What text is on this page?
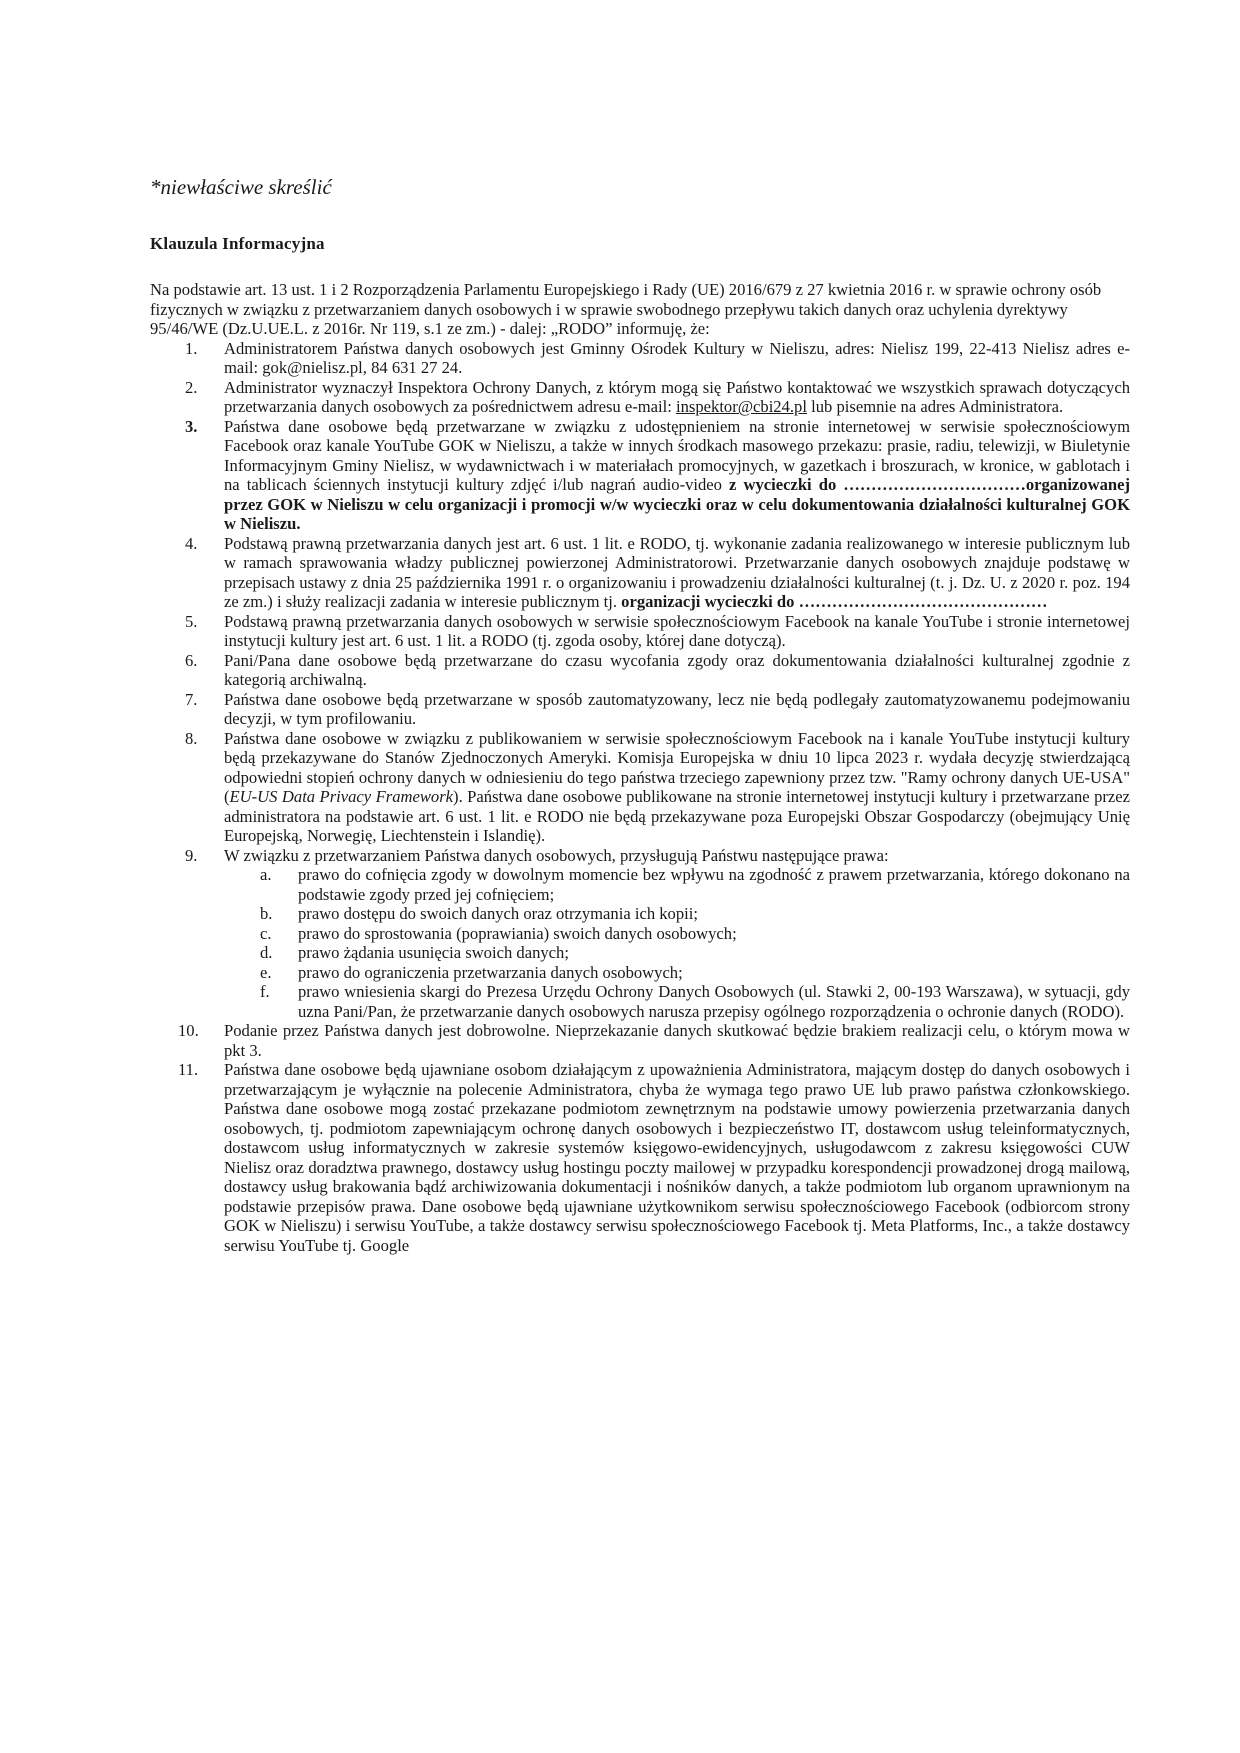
*niewłaściwe skreślić

Klauzula Informacyjna

Na podstawie art. 13 ust. 1 i 2 Rozporządzenia Parlamentu Europejskiego i Rady (UE) 2016/679 z 27 kwietnia 2016 r. w sprawie ochrony osób fizycznych w związku z przetwarzaniem danych osobowych i w sprawie swobodnego przepływu takich danych oraz uchylenia dyrektywy 95/46/WE (Dz.U.UE.L. z 2016r. Nr 119, s.1 ze zm.) - dalej: „RODO” informuję, że:

1.	Administratorem Państwa danych osobowych jest Gminny Ośrodek Kultury w Nieliszu, adres: Nielisz 199, 22-413 Nielisz adres e-mail: gok@nielisz.pl, 84 631 27 24.
2.	Administrator wyznaczył Inspektora Ochrony Danych, z którym mogą się Państwo kontaktować we wszystkich sprawach dotyczących przetwarzania danych osobowych za pośrednictwem adresu e-mail: inspektor@cbi24.pl lub pisemnie na adres Administratora.
3.	Państwa dane osobowe będą przetwarzane w związku z udostępnieniem na stronie internetowej w serwisie społecznościowym Facebook oraz kanale YouTube GOK w Nieliszu, a także w innych środkach masowego przekazu: prasie, radiu, telewizji, w Biuletynie Informacyjnym Gminy Nielisz, w wydawnictwach i w materiałach promocyjnych, w gazetkach i broszurach, w kronice, w gablotach i na tablicach ściennych instytucji kultury zdjęć i/lub nagrań audio-video z wycieczki do ……………………………organizowanej przez GOK w Nieliszu w celu organizacji i promocji w/w wycieczki oraz w celu dokumentowania działalności kulturalnej GOK w Nieliszu.
4.	Podstawą prawną przetwarzania danych jest art. 6 ust. 1 lit. e RODO, tj. wykonanie zadania realizowanego w interesie publicznym lub w ramach sprawowania władzy publicznej powierzonej Administratorowi. Przetwarzanie danych osobowych znajduje podstawę w przepisach ustawy z dnia 25 października 1991 r. o organizowaniu i prowadzeniu działalności kulturalnej (t. j. Dz. U. z 2020 r. poz. 194 ze zm.) i służy realizacji zadania w interesie publicznym tj. organizacji wycieczki do ………………………………………
5.	Podstawą prawną przetwarzania danych osobowych w serwisie społecznościowym Facebook na kanale YouTube i stronie internetowej instytucji kultury jest art. 6 ust. 1 lit. a RODO (tj. zgoda osoby, której dane dotyczą).
6.	Pani/Pana dane osobowe będą przetwarzane do czasu wycofania zgody oraz dokumentowania działalności kulturalnej zgodnie z kategorią archiwalną.
7.	Państwa dane osobowe będą przetwarzane w sposób zautomatyzowany, lecz nie będą podlegały zautomatyzowanemu podejmowaniu decyzji, w tym profilowaniu.
8.	Państwa dane osobowe w związku z publikowaniem w serwisie społecznościowym Facebook na i kanale YouTube instytucji kultury będą przekazywane do Stanów Zjednoczonych Ameryki. Komisja Europejska w dniu 10 lipca 2023 r. wydała decyzję stwierdzającą odpowiedni stopień ochrony danych w odniesieniu do tego państwa trzeciego zapewniony przez tzw. "Ramy ochrony danych UE-USA" (EU-US Data Privacy Framework). Państwa dane osobowe publikowane na stronie internetowej instytucji kultury i przetwarzane przez administratora na podstawie art. 6 ust. 1 lit. e RODO nie będą przekazywane poza Europejski Obszar Gospodarczy (obejmujący Unię Europejską, Norwegię, Liechtenstein i Islandię).
9.	W związku z przetwarzaniem Państwa danych osobowych, przysługują Państwu następujące prawa:
a. prawo do cofnięcia zgody w dowolnym momencie bez wpływu na zgodność z prawem przetwarzania, którego dokonano na podstawie zgody przed jej cofnięciem;
b. prawo dostępu do swoich danych oraz otrzymania ich kopii;
c. prawo do sprostowania (poprawiania) swoich danych osobowych;
d. prawo żądania usunięcia swoich danych;
e. prawo do ograniczenia przetwarzania danych osobowych;
f. prawo wniesienia skargi do Prezesa Urzędu Ochrony Danych Osobowych (ul. Stawki 2, 00-193 Warszawa), w sytuacji, gdy uzna Pani/Pan, że przetwarzanie danych osobowych narusza przepisy ogólnego rozporządzenia o ochronie danych (RODO).
10.	Podanie przez Państwa danych jest dobrowolne. Nieprzekazanie danych skutkować będzie brakiem realizacji celu, o którym mowa w pkt 3.
11.	Państwa dane osobowe będą ujawniane osobom działającym z upoważnienia Administratora, mającym dostęp do danych osobowych i przetwarzającym je wyłącznie na polecenie Administratora, chyba że wymaga tego prawo UE lub prawo państwa członkowskiego. Państwa dane osobowe mogą zostać przekazane podmiotom zewnętrznym na podstawie umowy powierzenia przetwarzania danych osobowych, tj. podmiotom zapewniającym ochronę danych osobowych i bezpieczeństwo IT, dostawcom usług teleinformatycznych, dostawcom usług informatycznych w zakresie systemów księgowo-ewidencyjnych, usługodawcom z zakresu księgowości CUW Nielisz oraz doradztwa prawnego, dostawcy usług hostingu poczty mailowej w przypadku korespondencji prowadzonej drogą mailową, dostawcy usług brakowania bądź archiwizowania dokumentacji i nośników danych, a także podmiotom lub organom uprawnionym na podstawie przepisów prawa. Dane osobowe będą ujawniane użytkownikom serwisu społecznościowego Facebook (odbiorcom strony GOK w Nieliszu) i serwisu YouTube, a także dostawcy serwisu społecznościowego Facebook tj. Meta Platforms, Inc., a także dostawcy serwisu YouTube tj. Google
